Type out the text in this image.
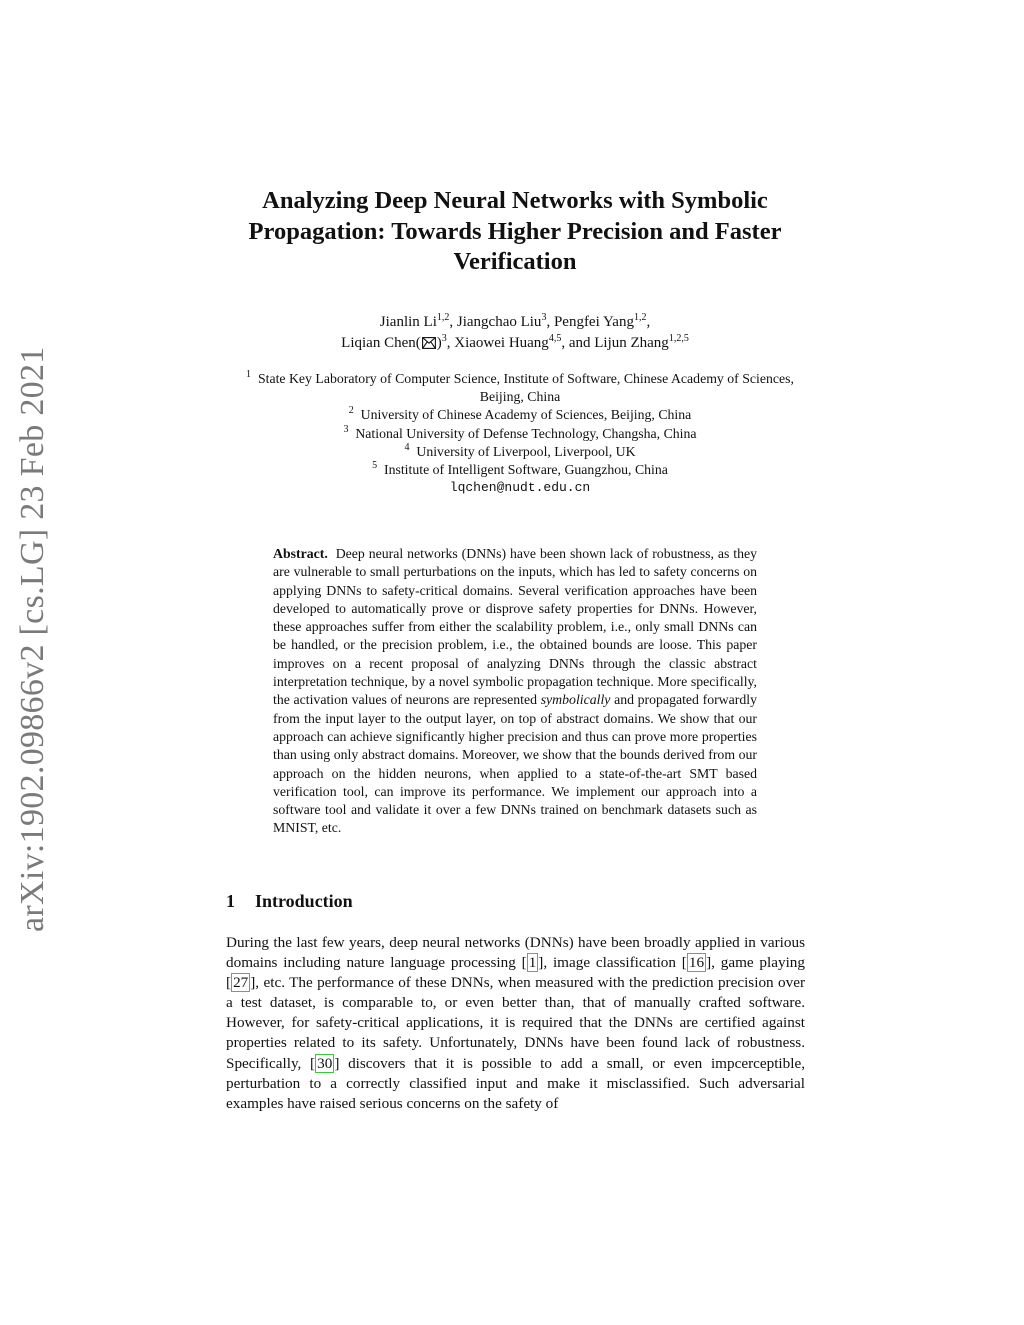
arXiv:1902.09866v2 [cs.LG] 23 Feb 2021
Analyzing Deep Neural Networks with Symbolic Propagation: Towards Higher Precision and Faster Verification
Jianlin Li$^{1,2}$, Jiangchao Liu$^3$, Pengfei Yang$^{1,2}$,
Liqian Chen( )$^3$, Xiaowei Huang$^{4,5}$, and Lijun Zhang$^{1,2,5}$
$^1$ State Key Laboratory of Computer Science, Institute of Software, Chinese Academy of Sciences, Beijing, China
$^2$ University of Chinese Academy of Sciences, Beijing, China
$^3$ National University of Defense Technology, Changsha, China
$^4$ University of Liverpool, Liverpool, UK
$^5$ Institute of Intelligent Software, Guangzhou, China
lqchen@nudt.edu.cn

Abstract. Deep neural networks (DNNs) have been shown lack of robustness, as they are vulnerable to small perturbations on the inputs, which has led to safety concerns on applying DNNs to safety-critical domains. Several verification approaches have been developed to automatically prove or disprove safety properties for DNNs. However, these approaches suffer from either the scalability problem, i.e., only small DNNs can be handled, or the precision problem, i.e., the obtained bounds are loose. This paper improves on a recent proposal of analyzing DNNs through the classic abstract interpretation technique, by a novel symbolic propagation technique. More specifically, the activation values of neurons are represented symbolically and propagated forwardly from the input layer to the output layer, on top of abstract domains. We show that our approach can achieve significantly higher precision and thus can prove more properties than using only abstract domains. Moreover, we show that the bounds derived from our approach on the hidden neurons, when applied to a state-of-the-art SMT based verification tool, can improve its performance. We implement our approach into a software tool and validate it over a few DNNs trained on benchmark datasets such as MNIST, etc.

1 Introduction

During the last few years, deep neural networks (DNNs) have been broadly applied in various domains including nature language processing [ 1 ], image classification [ 16 ], game playing [ 27 ], etc. The performance of these DNNs, when measured with the prediction precision over a test dataset, is comparable to, or even better than, that of manually crafted software. However, for safety-critical applications, it is required that the DNNs are certified against properties related to its safety. Unfortunately, DNNs have been found lack of robustness. Specifically, [ 30 ] discovers that it is possible to add a small, or even impcerceptible, perturbation to a correctly classified input and make it misclassified. Such adversarial examples have raised serious concerns on the safety of
